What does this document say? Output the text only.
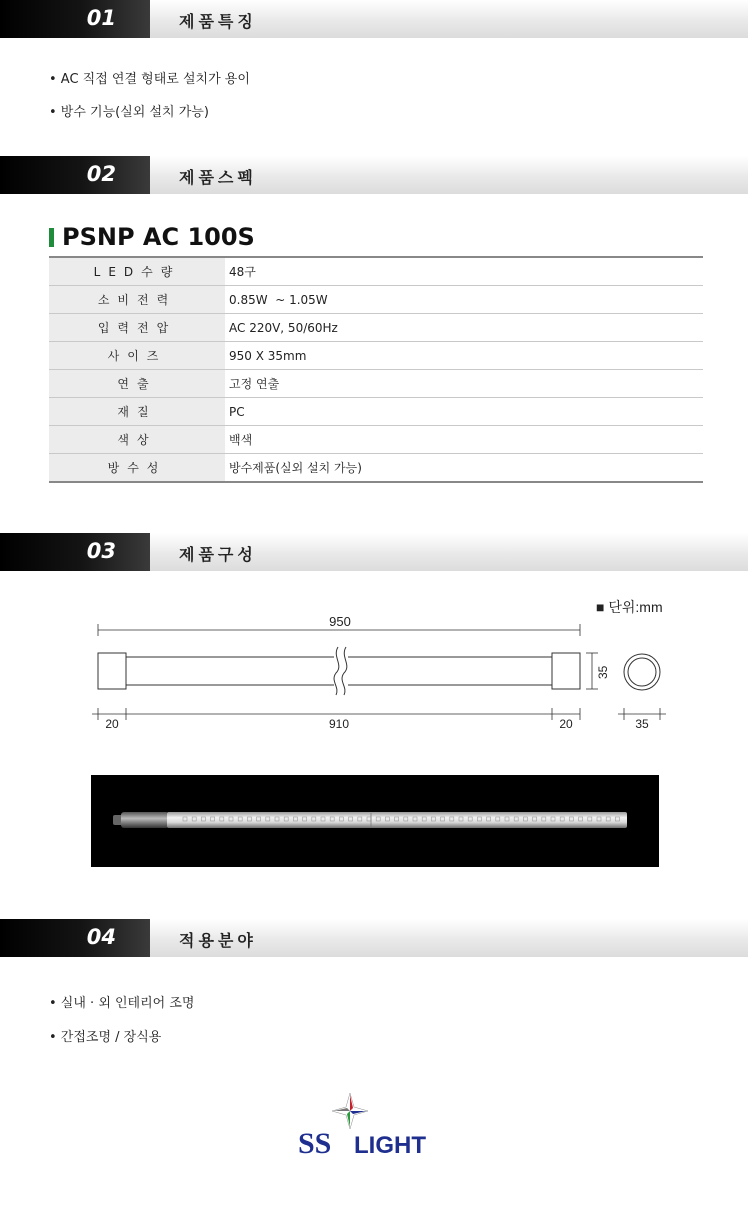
01	제품특징
02	제품스펙
03	제품구성
04	적용분야
• AC 직접 연결 형태로 설치가 용이
• 방수 기능(실외 설치 가능)
PSNP AC 100S
LED수량	48구
소비전력	0.85W  ~ 1.05W
입력전압	AC 220V, 50/60Hz
사이즈	950 X 35mm
연출	고정 연출
재질	PC
색상	백색
방수성	방수제품(실외 설치 가능)
■ 단위:mm
950
35
20	910	20	35
• 실내 · 외 인테리어 조명
• 간접조명 / 장식용
SS LIGHT
